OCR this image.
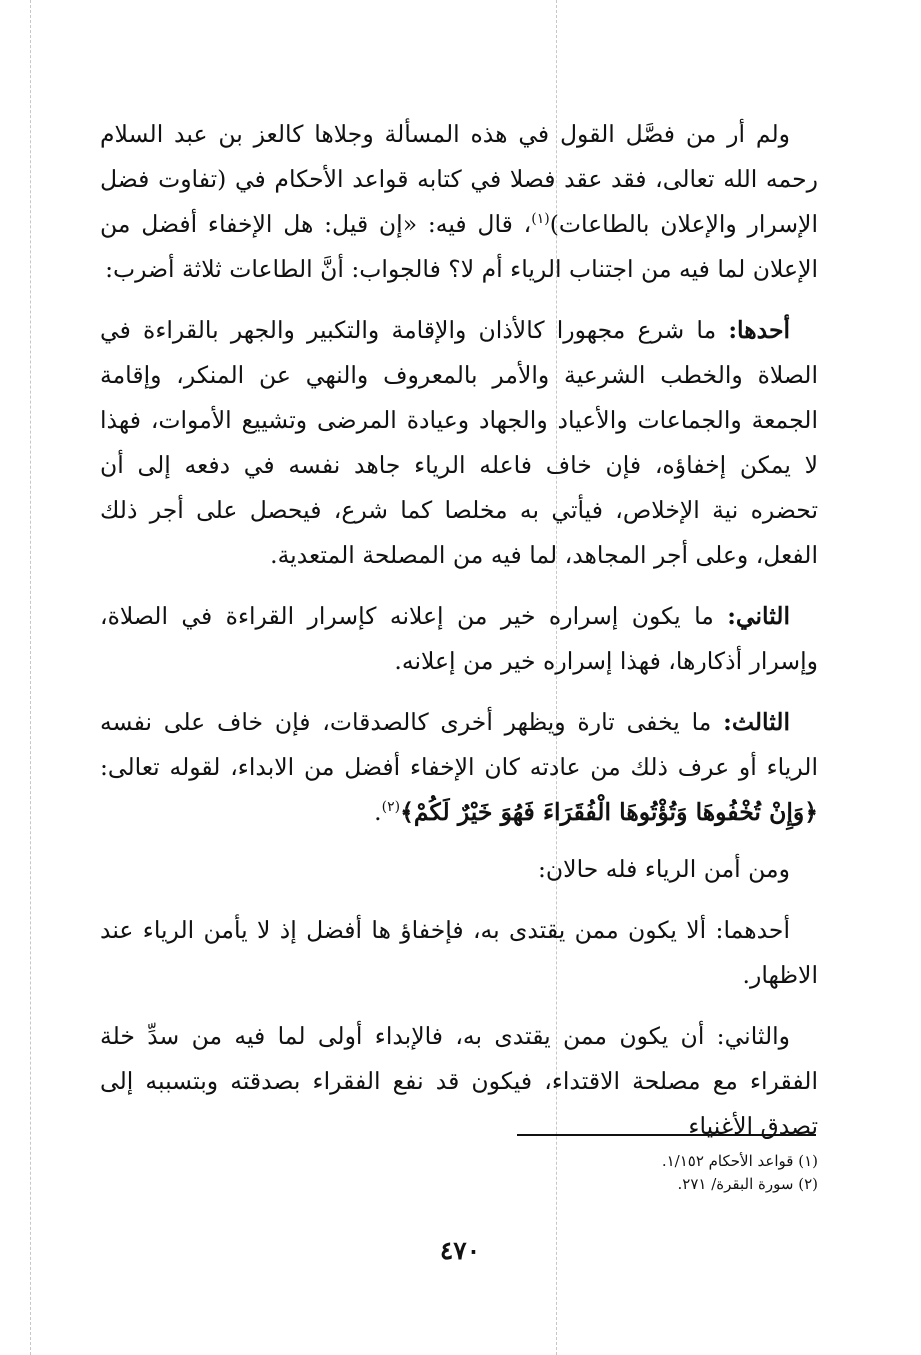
ولم أر من فصَّل القول في هذه المسألة وجلاها كالعز بن عبد السلام رحمه الله تعالى، فقد عقد فصلا في كتابه قواعد الأحكام في (تفاوت فضل الإسرار والإعلان بالطاعات)$^{(١)}$، قال فيه: «إن قيل: هل الإخفاء أفضل من الإعلان لما فيه من اجتناب الرياء أم لا؟ فالجواب: أنَّ الطاعات ثلاثة أضرب:

أحدها: ما شرع مجهورا كالأذان والإقامة والتكبير والجهر بالقراءة في الصلاة والخطب الشرعية والأمر بالمعروف والنهي عن المنكر، وإقامة الجمعة والجماعات والأعياد والجهاد وعيادة المرضى وتشييع الأموات، فهذا لا يمكن إخفاؤه، فإن خاف فاعله الرياء جاهد نفسه في دفعه إلى أن تحضره نية الإخلاص، فيأتي به مخلصا كما شرع، فيحصل على أجر ذلك الفعل، وعلى أجر المجاهد، لما فيه من المصلحة المتعدية.

الثاني: ما يكون إسراره خير من إعلانه كإسرار القراءة في الصلاة، وإسرار أذكارها، فهذا إسراره خير من إعلانه.

الثالث: ما يخفى تارة ويظهر أخرى كالصدقات، فإن خاف على نفسه الرياء أو عرف ذلك من عادته كان الإخفاء أفضل من الابداء، لقوله تعالى: ﴿وَإِنْ تُخْفُوهَا وَتُؤْتُوهَا الْفُقَرَاءَ فَهُوَ خَيْرٌ لَكُمْ﴾$^{(٢)}$.

ومن أمن الرياء فله حالان:

أحدهما: ألا يكون ممن يقتدى به، فإخفاؤ ها أفضل إذ لا يأمن الرياء عند الاظهار.

والثاني: أن يكون ممن يقتدى به، فالإبداء أولى لما فيه من سدِّ خلة الفقراء مع مصلحة الاقتداء، فيكون قد نفع الفقراء بصدقته وبتسببه إلى تصدق الأغنياء

(١) قواعد الأحكام ١/١٥٢.
(٢) سورة البقرة/ ٢٧١.
٤٧٠
